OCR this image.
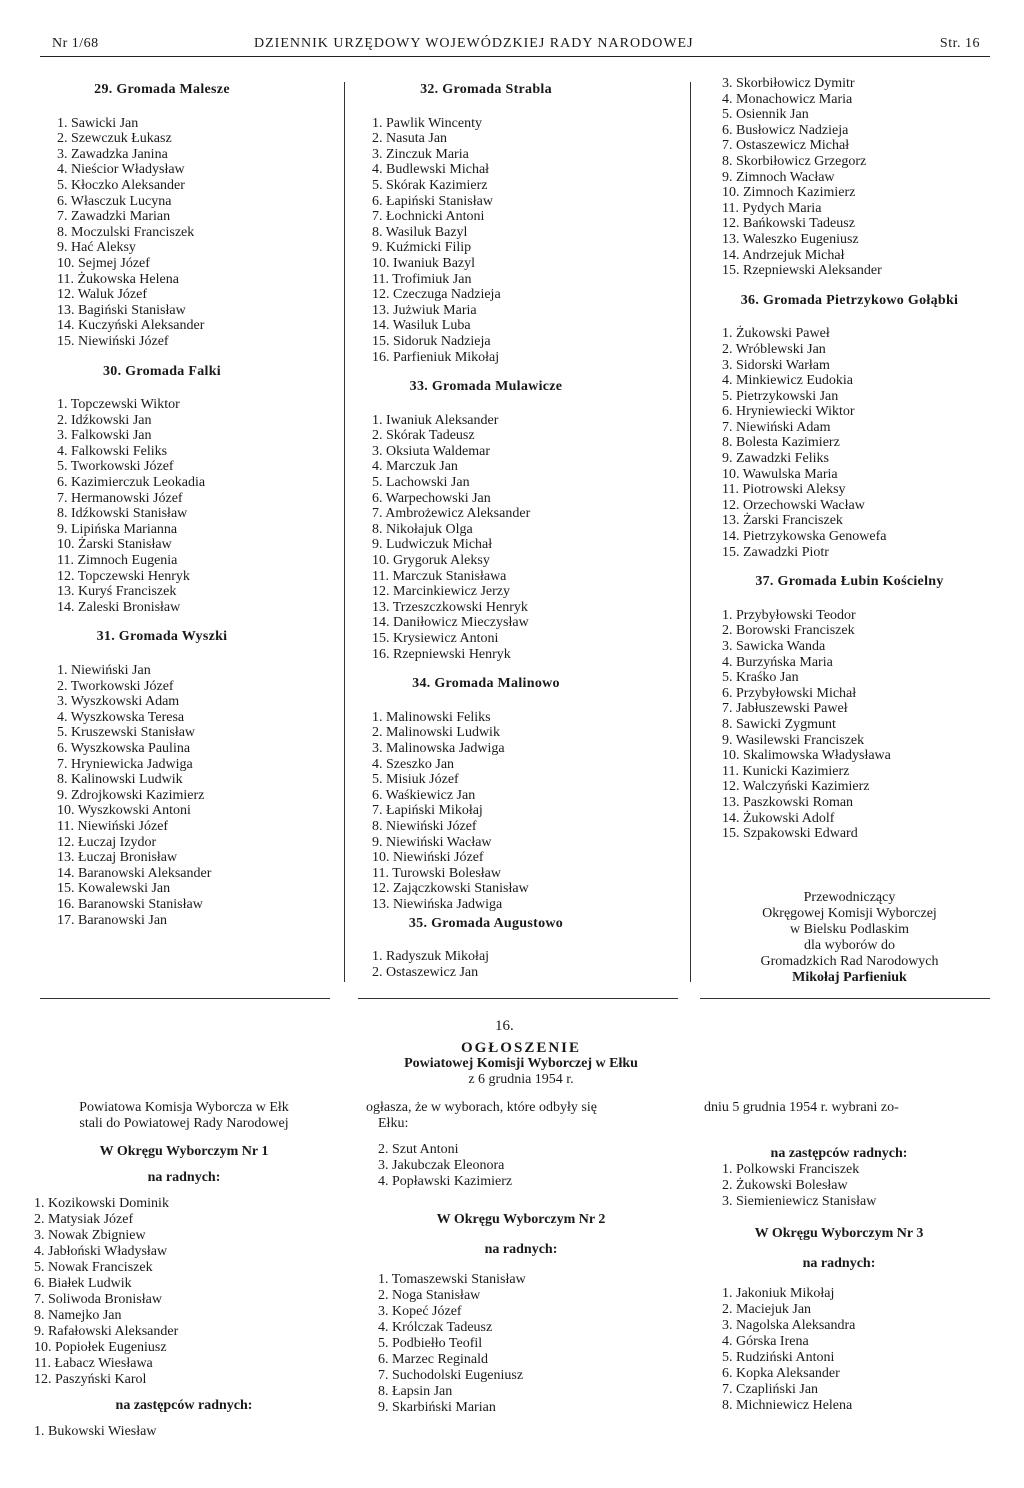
Nr 1/68	DZIENNIK URZĘDOWY WOJEWÓDZKIEJ RADY NARODOWEJ	Str. 16
29. Gromada Malesze
1. Sawicki Jan
2. Szewczuk Łukasz
3. Zawadzka Janina
4. Nieścior Władysław
5. Kłoczko Aleksander
6. Własczuk Lucyna
7. Zawadzki Marian
8. Moczulski Franciszek
9. Hać Aleksy
10. Sejmej Józef
11. Żukowska Helena
12. Waluk Józef
13. Bagiński Stanisław
14. Kuczyński Aleksander
15. Niewiński Józef
30. Gromada Falki
1. Topczewski Wiktor
2. Idźkowski Jan
3. Falkowski Jan
4. Falkowski Feliks
5. Tworkowski Józef
6. Kazimierczuk Leokadia
7. Hermanowski Józef
8. Idźkowski Stanisław
9. Lipińska Marianna
10. Żarski Stanisław
11. Zimnoch Eugenia
12. Topczewski Henryk
13. Kuryś Franciszek
14. Zaleski Bronisław
31. Gromada Wyszki
1. Niewiński Jan
2. Tworkowski Józef
3. Wyszkowski Adam
4. Wyszkowska Teresa
5. Kruszewski Stanisław
6. Wyszkowska Paulina
7. Hryniewicka Jadwiga
8. Kalinowski Ludwik
9. Zdrojkowski Kazimierz
10. Wyszkowski Antoni
11. Niewiński Józef
12. Łuczaj Izydor
13. Łuczaj Bronisław
14. Baranowski Aleksander
15. Kowalewski Jan
16. Baranowski Stanisław
17. Baranowski Jan
32. Gromada Strabla
1. Pawlik Wincenty
2. Nasuta Jan
3. Zinczuk Maria
4. Budlewski Michał
5. Skórak Kazimierz
6. Łapiński Stanisław
7. Łochnicki Antoni
8. Wasiluk Bazyl
9. Kuźmicki Filip
10. Iwaniuk Bazyl
11. Trofimiuk Jan
12. Czeczuga Nadzieja
13. Jużwiuk Maria
14. Wasiluk Luba
15. Sidoruk Nadzieja
16. Parfieniuk Mikołaj
33. Gromada Mulawicze
1. Iwaniuk Aleksander
2. Skórak Tadeusz
3. Oksiuta Waldemar
4. Marczuk Jan
5. Lachowski Jan
6. Warpechowski Jan
7. Ambrożewicz Aleksander
8. Nikołajuk Olga
9. Ludwiczuk Michał
10. Grygoruk Aleksy
11. Marczuk Stanisława
12. Marcinkiewicz Jerzy
13. Trzeszczkowski Henryk
14. Daniłowicz Mieczysław
15. Krysiewicz Antoni
16. Rzepniewski Henryk
34. Gromada Malinowo
1. Malinowski Feliks
2. Malinowski Ludwik
3. Malinowska Jadwiga
4. Szeszko Jan
5. Misiuk Józef
6. Waśkiewicz Jan
7. Łapiński Mikołaj
8. Niewiński Józef
9. Niewiński Wacław
10. Niewiński Józef
11. Turowski Bolesław
12. Zajączkowski Stanisław
13. Niewińska Jadwiga
35. Gromada Augustowo
1. Radyszuk Mikołaj
2. Ostaszewicz Jan
3. Skorbiłowicz Dymitr
4. Monachowicz Maria
5. Osiennik Jan
6. Busłowicz Nadzieja
7. Ostaszewicz Michał
8. Skorbiłowicz Grzegorz
9. Zimnoch Wacław
10. Zimnoch Kazimierz
11. Pydych Maria
12. Bańkowski Tadeusz
13. Waleszko Eugeniusz
14. Andrzejuk Michał
15. Rzepniewski Aleksander
36. Gromada Pietrzykowo Gołąbki
1. Żukowski Paweł
2. Wróblewski Jan
3. Sidorski Warłam
4. Minkiewicz Eudokia
5. Pietrzykowski Jan
6. Hryniewiecki Wiktor
7. Niewiński Adam
8. Bolesta Kazimierz
9. Zawadzki Feliks
10. Wawulska Maria
11. Piotrowski Aleksy
12. Orzechowski Wacław
13. Żarski Franciszek
14. Pietrzykowska Genowefa
15. Zawadzki Piotr
37. Gromada Łubin Kościelny
1. Przybyłowski Teodor
2. Borowski Franciszek
3. Sawicka Wanda
4. Burzyńska Maria
5. Kraśko Jan
6. Przybyłowski Michał
7. Jabłuszewski Paweł
8. Sawicki Zygmunt
9. Wasilewski Franciszek
10. Skalimowska Władysława
11. Kunicki Kazimierz
12. Walczyński Kazimierz
13. Paszkowski Roman
14. Żukowski Adolf
15. Szpakowski Edward
Przewodniczący
Okręgowej Komisji Wyborczej
w Bielsku Podlaskim
dla wyborów do
Gromadzkich Rad Narodowych
Mikołaj Parfieniuk
16.
OGŁOSZENIE
Powiatowej Komisji Wyborczej w Ełku
z 6 grudnia 1954 r.
Powiatowa Komisja Wyborcza w Ełk
stali do Powiatowej Rady Narodowej
W Okręgu Wyborczym Nr 1
na radnych:
1. Kozikowski Dominik
2. Matysiak Józef
3. Nowak Zbigniew
4. Jabłoński Władysław
5. Nowak Franciszek
6. Białek Ludwik
7. Soliwoda Bronisław
8. Namejko Jan
9. Rafałowski Aleksander
10. Popiołek Eugeniusz
11. Łabacz Wiesława
12. Paszyński Karol
na zastępców radnych:
1. Bukowski Wiesław
ogłasza, że w wyborach, które odbyły się
Ełku:
2. Szut Antoni
3. Jakubczak Eleonora
4. Popławski Kazimierz
W Okręgu Wyborczym Nr 2
na radnych:
1. Tomaszewski Stanisław
2. Noga Stanisław
3. Kopeć Józef
4. Królczak Tadeusz
5. Podbiełło Teofil
6. Marzec Reginald
7. Suchodolski Eugeniusz
8. Łapsin Jan
9. Skarbiński Marian
dniu 5 grudnia 1954 r. wybrani zo-
na zastępców radnych:
1. Polkowski Franciszek
2. Żukowski Bolesław
3. Siemieniewicz Stanisław
W Okręgu Wyborczym Nr 3
na radnych:
1. Jakoniuk Mikołaj
2. Maciejuk Jan
3. Nagolska Aleksandra
4. Górska Irena
5. Rudziński Antoni
6. Kopka Aleksander
7. Czapliński Jan
8. Michniewicz Helena
